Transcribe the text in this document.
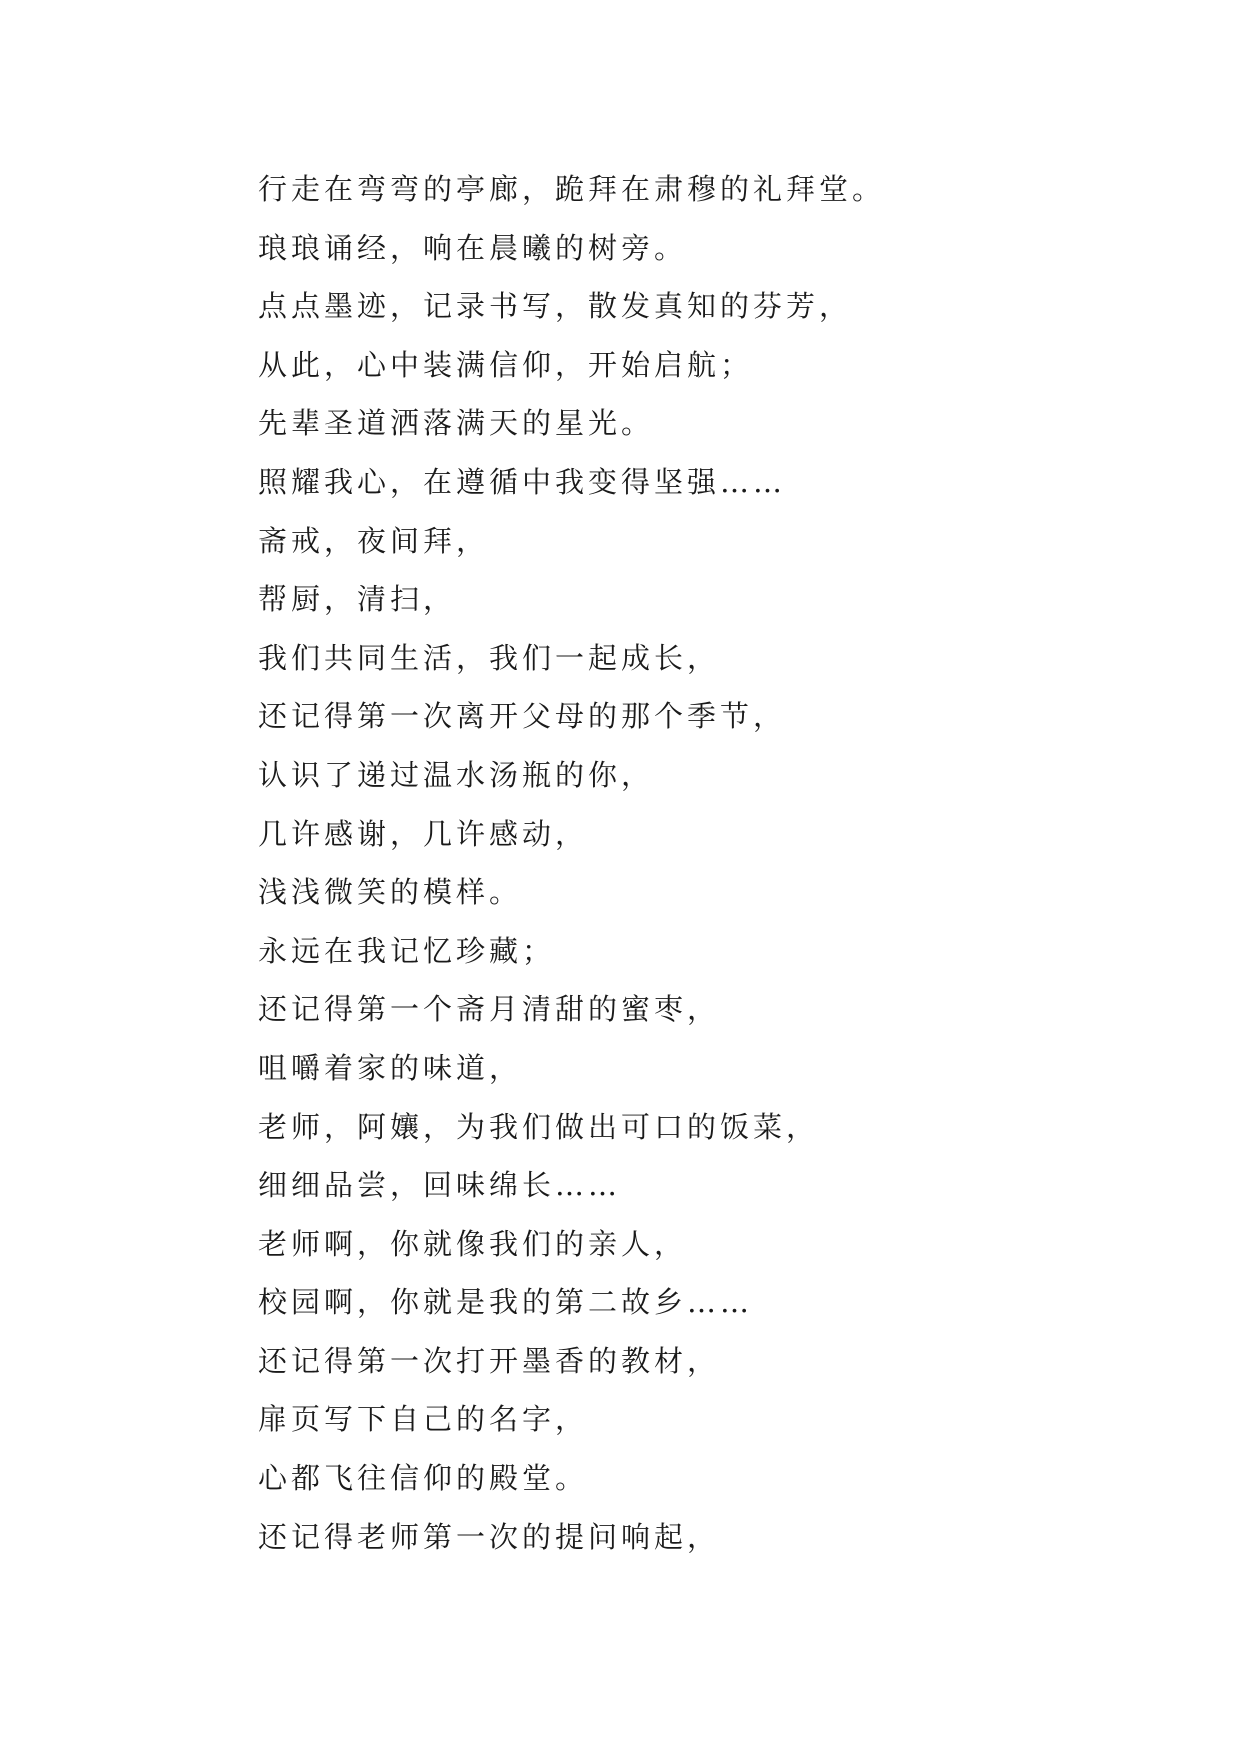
行走在弯弯的亭廊，跪拜在肃穆的礼拜堂。
琅琅诵经，响在晨曦的树旁。
点点墨迹，记录书写，散发真知的芬芳，
从此，心中装满信仰，开始启航；
先辈圣道洒落满天的星光。
照耀我心，在遵循中我变得坚强……
斋戒，夜间拜，
帮厨，清扫，
我们共同生活，我们一起成长，
还记得第一次离开父母的那个季节，
认识了递过温水汤瓶的你，
几许感谢，几许感动，
浅浅微笑的模样。
永远在我记忆珍藏；
还记得第一个斋月清甜的蜜枣，
咀嚼着家的味道，
老师，阿孃，为我们做出可口的饭菜，
细细品尝，回味绵长……
老师啊，你就像我们的亲人，
校园啊，你就是我的第二故乡……
还记得第一次打开墨香的教材，
扉页写下自己的名字，
心都飞往信仰的殿堂。
还记得老师第一次的提问响起，
